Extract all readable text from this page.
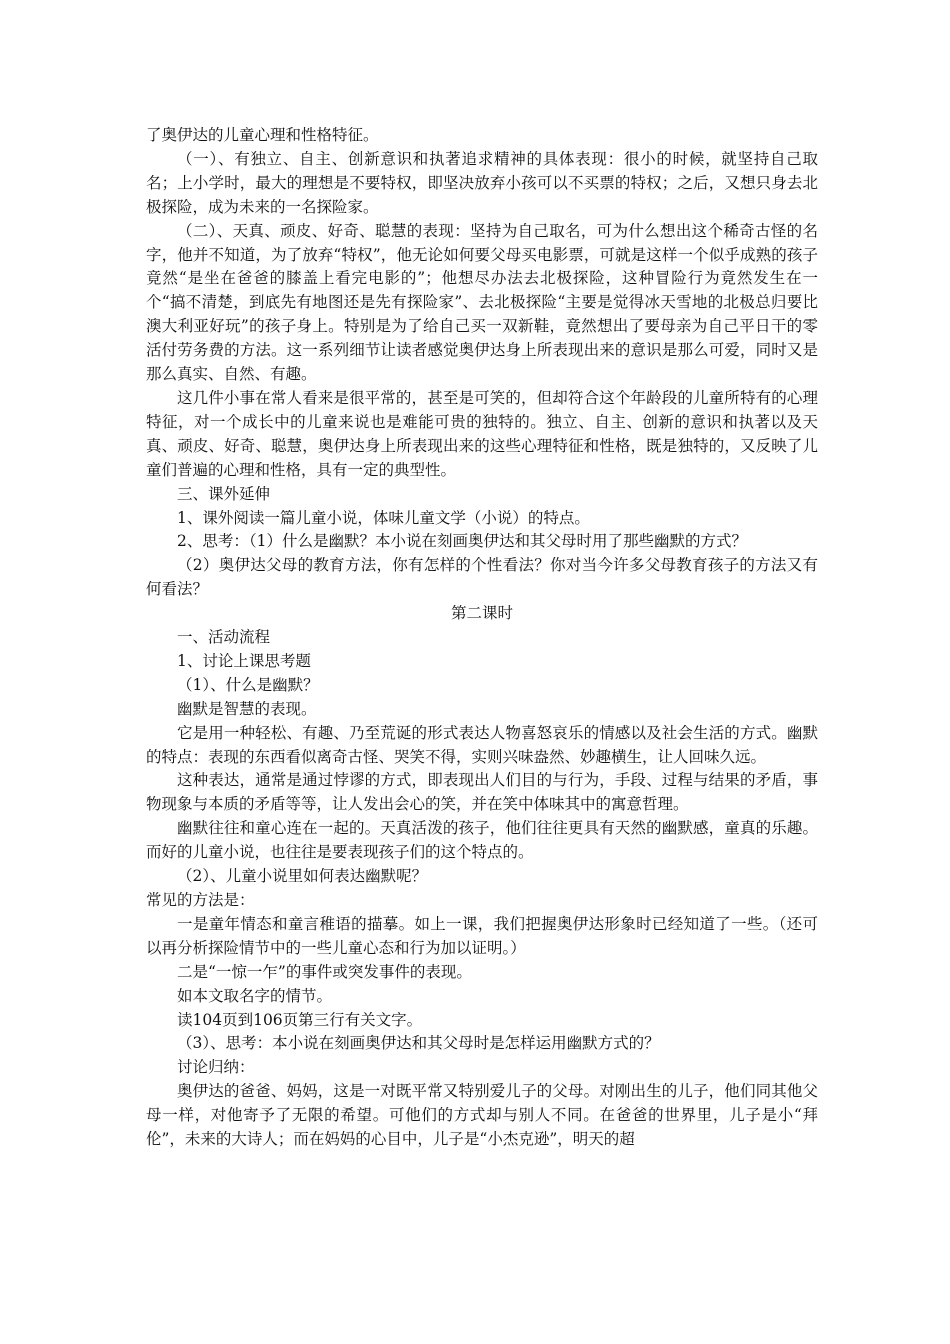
了奥伊达的儿童心理和性格特征。

（一）、有独立、自主、创新意识和执著追求精神的具体表现：很小的时候，就坚持自己取名；上小学时，最大的理想是不要特权，即坚决放弃小孩可以不买票的特权；之后，又想只身去北极探险，成为未来的一名探险家。

（二）、天真、顽皮、好奇、聪慧的表现：坚持为自己取名，可为什么想出这个稀奇古怪的名字，他并不知道，为了放弃“特权”，他无论如何要父母买电影票，可就是这样一个似乎成熟的孩子竟然“是坐在爸爸的膝盖上看完电影的”；他想尽办法去北极探险，这种冒险行为竟然发生在一个“搞不清楚，到底先有地图还是先有探险家”、去北极探险“主要是觉得冰天雪地的北极总归要比澳大利亚好玩”的孩子身上。特别是为了给自己买一双新鞋，竟然想出了要母亲为自己平日干的零活付劳务费的方法。这一系列细节让读者感觉奥伊达身上所表现出来的意识是那么可爱，同时又是那么真实、自然、有趣。

这几件小事在常人看来是很平常的，甚至是可笑的，但却符合这个年龄段的儿童所特有的心理特征，对一个成长中的儿童来说也是难能可贵的独特的。独立、自主、创新的意识和执著以及天真、顽皮、好奇、聪慧，奥伊达身上所表现出来的这些心理特征和性格，既是独特的，又反映了儿童们普遍的心理和性格，具有一定的典型性。

三、课外延伸

1、课外阅读一篇儿童小说，体味儿童文学（小说）的特点。

2、思考：（1）什么是幽默？本小说在刻画奥伊达和其父母时用了那些幽默的方式？

（2）奥伊达父母的教育方法，你有怎样的个性看法？你对当今许多父母教育孩子的方法又有何看法？

第二课时

一、活动流程

1、讨论上课思考题

（1）、什么是幽默？

幽默是智慧的表现。

它是用一种轻松、有趣、乃至荒诞的形式表达人物喜怒哀乐的情感以及社会生活的方式。幽默的特点：表现的东西看似离奇古怪、哭笑不得，实则兴味盎然、妙趣横生，让人回味久远。

这种表达，通常是通过悖谬的方式，即表现出人们目的与行为，手段、过程与结果的矛盾，事物现象与本质的矛盾等等，让人发出会心的笑，并在笑中体味其中的寓意哲理。

幽默往往和童心连在一起的。天真活泼的孩子，他们往往更具有天然的幽默感，童真的乐趣。而好的儿童小说，也往往是要表现孩子们的这个特点的。

（2）、儿童小说里如何表达幽默呢？

常见的方法是：

一是童年情态和童言稚语的描摹。如上一课，我们把握奥伊达形象时已经知道了一些。（还可以再分析探险情节中的一些儿童心态和行为加以证明。）

二是“一惊一乍”的事件或突发事件的表现。

如本文取名字的情节。

读104页到106页第三行有关文字。

（3）、思考：本小说在刻画奥伊达和其父母时是怎样运用幽默方式的？

讨论归纳：

奥伊达的爸爸、妈妈，这是一对既平常又特别爱儿子的父母。对刚出生的儿子，他们同其他父母一样，对他寄予了无限的希望。可他们的方式却与别人不同。在爸爸的世界里，儿子是小“拜伦”，未来的大诗人；而在妈妈的心目中，儿子是“小杰克逊”，明天的超
